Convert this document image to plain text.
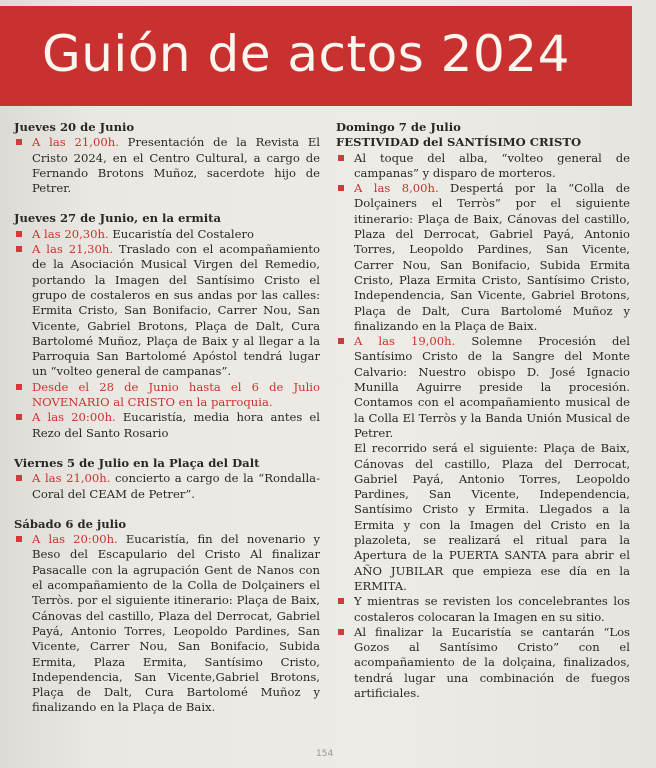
Guión de actos 2024

Jueves 20 de Junio

A las 21,00h. Presentación de la Revista El Cristo 2024, en el Centro Cultural, a cargo de Fernando Brotons Muñoz, sacerdote hijo de Petrer.

Jueves 27 de Junio, en la ermita

A las 20,30h. Eucaristía del Costalero

A las 21,30h. Traslado con el acompañamiento de la Asociación Musical Virgen del Remedio, portando la Imagen del Santísimo Cristo el grupo de costaleros en sus andas por las calles: Ermita Cristo, San Bonifacio, Carrer Nou, San Vicente, Gabriel Brotons, Plaça de Dalt, Cura Bartolomé Muñoz, Plaça de Baix y al llegar a la Parroquia San Bartolomé Apóstol tendrá lugar un “volteo general de campanas”.

Desde el 28 de Junio hasta el 6 de Julio NOVENARIO al CRISTO en la parroquia.

A las 20:00h. Eucaristía, media hora antes el Rezo del Santo Rosario

Viernes 5 de Julio en la Plaça del Dalt

A las 21,00h. concierto a cargo de la “Rondalla-Coral del CEAM de Petrer”.

Sábado 6 de julio

A las 20:00h. Eucaristía, fin del novenario y Beso del Escapulario del Cristo Al finalizar Pasacalle con la agrupación Gent de Nanos con el acompañamiento de la Colla de Dolçainers el Terròs. por el siguiente itinerario: Plaça de Baix, Cánovas del castillo, Plaza del Derrocat, Gabriel Payá, Antonio Torres, Leopoldo Pardines, San Vicente, Carrer Nou, San Bonifacio, Subida Ermita, Plaza Ermita, Santísimo Cristo, Independencia, San Vicente,Gabriel Brotons, Plaça de Dalt, Cura Bartolomé Muñoz y finalizando en la Plaça de Baix.

Domingo 7 de Julio

FESTIVIDAD del SANTÍSIMO CRISTO

Al toque del alba, “volteo general de campanas” y disparo de morteros.

A las 8,00h. Despertá por la “Colla de Dolçainers el Terròs” por el siguiente itinerario: Plaça de Baix, Cánovas del castillo, Plaza del Derrocat, Gabriel Payá, Antonio Torres, Leopoldo Pardines, San Vicente, Carrer Nou, San Bonifacio, Subida Ermita Cristo, Plaza Ermita Cristo, Santísimo Cristo, Independencia, San Vicente, Gabriel Brotons, Plaça de Dalt, Cura Bartolomé Muñoz y finalizando en la Plaça de Baix.

A las 19,00h. Solemne Procesión del Santísimo Cristo de la Sangre del Monte Calvario: Nuestro obispo D. José Ignacio Munilla Aguirre preside la procesión. Contamos con el acompañamiento musical de la Colla El Terròs y la Banda Unión Musical de Petrer.

El recorrido será el siguiente: Plaça de Baix, Cánovas del castillo, Plaza del Derrocat, Gabriel Payá, Antonio Torres, Leopoldo Pardines, San Vicente, Independencia, Santísimo Cristo y Ermita. Llegados a la Ermita y con la Imagen del Cristo en la plazoleta, se realizará el ritual para la Apertura de la PUERTA SANTA para abrir el AÑO JUBILAR que empieza ese día en la ERMITA.

Y mientras se revisten los concelebrantes los costaleros colocaran la Imagen en su sitio.

Al finalizar la Eucaristía se cantarán “Los Gozos al Santísimo Cristo” con el acompañamiento de la dolçaina, finalizados, tendrá lugar una combinación de fuegos artificiales.

154
